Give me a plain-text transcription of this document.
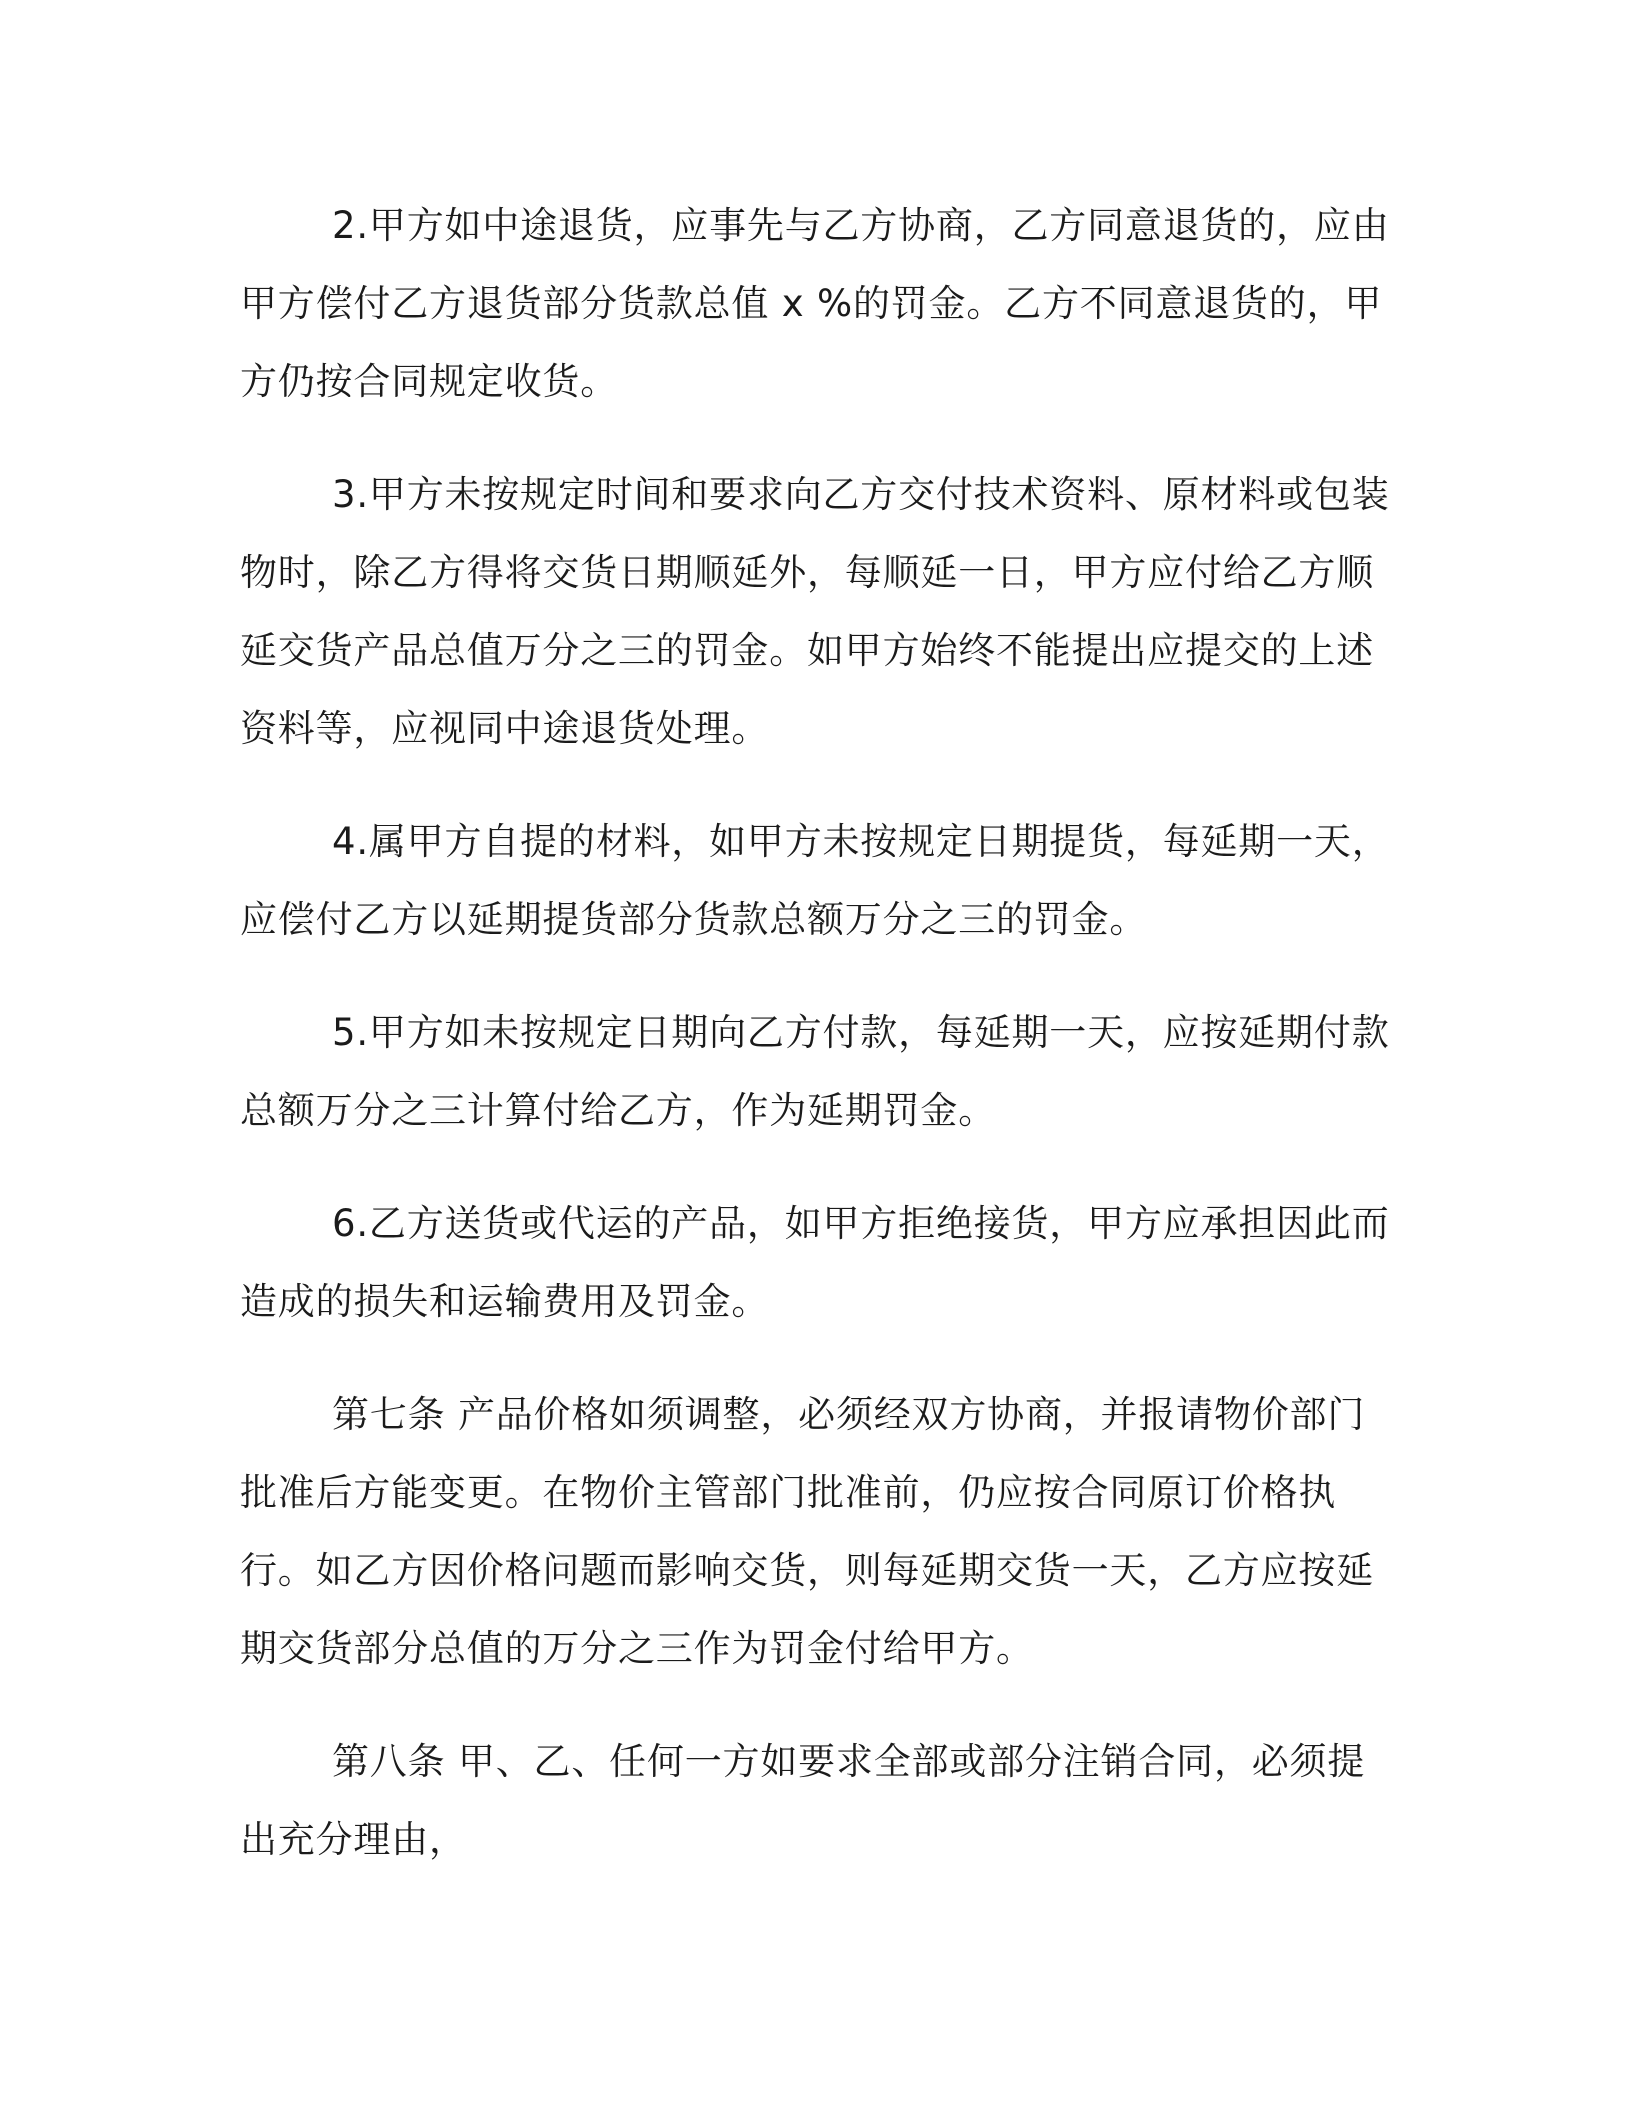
2.甲方如中途退货，应事先与乙方协商，乙方同意退货的，应由甲方偿付乙方退货部分货款总值 x %的罚金。乙方不同意退货的，甲方仍按合同规定收货。

3.甲方未按规定时间和要求向乙方交付技术资料、原材料或包装物时，除乙方得将交货日期顺延外，每顺延一日，甲方应付给乙方顺延交货产品总值万分之三的罚金。如甲方始终不能提出应提交的上述资料等，应视同中途退货处理。

4.属甲方自提的材料，如甲方未按规定日期提货，每延期一天，应偿付乙方以延期提货部分货款总额万分之三的罚金。

5.甲方如未按规定日期向乙方付款，每延期一天，应按延期付款总额万分之三计算付给乙方，作为延期罚金。

6.乙方送货或代运的产品，如甲方拒绝接货，甲方应承担因此而造成的损失和运输费用及罚金。

第七条 产品价格如须调整，必须经双方协商，并报请物价部门批准后方能变更。在物价主管部门批准前，仍应按合同原订价格执行。如乙方因价格问题而影响交货，则每延期交货一天，乙方应按延期交货部分总值的万分之三作为罚金付给甲方。

第八条 甲、乙、任何一方如要求全部或部分注销合同，必须提出充分理由，
